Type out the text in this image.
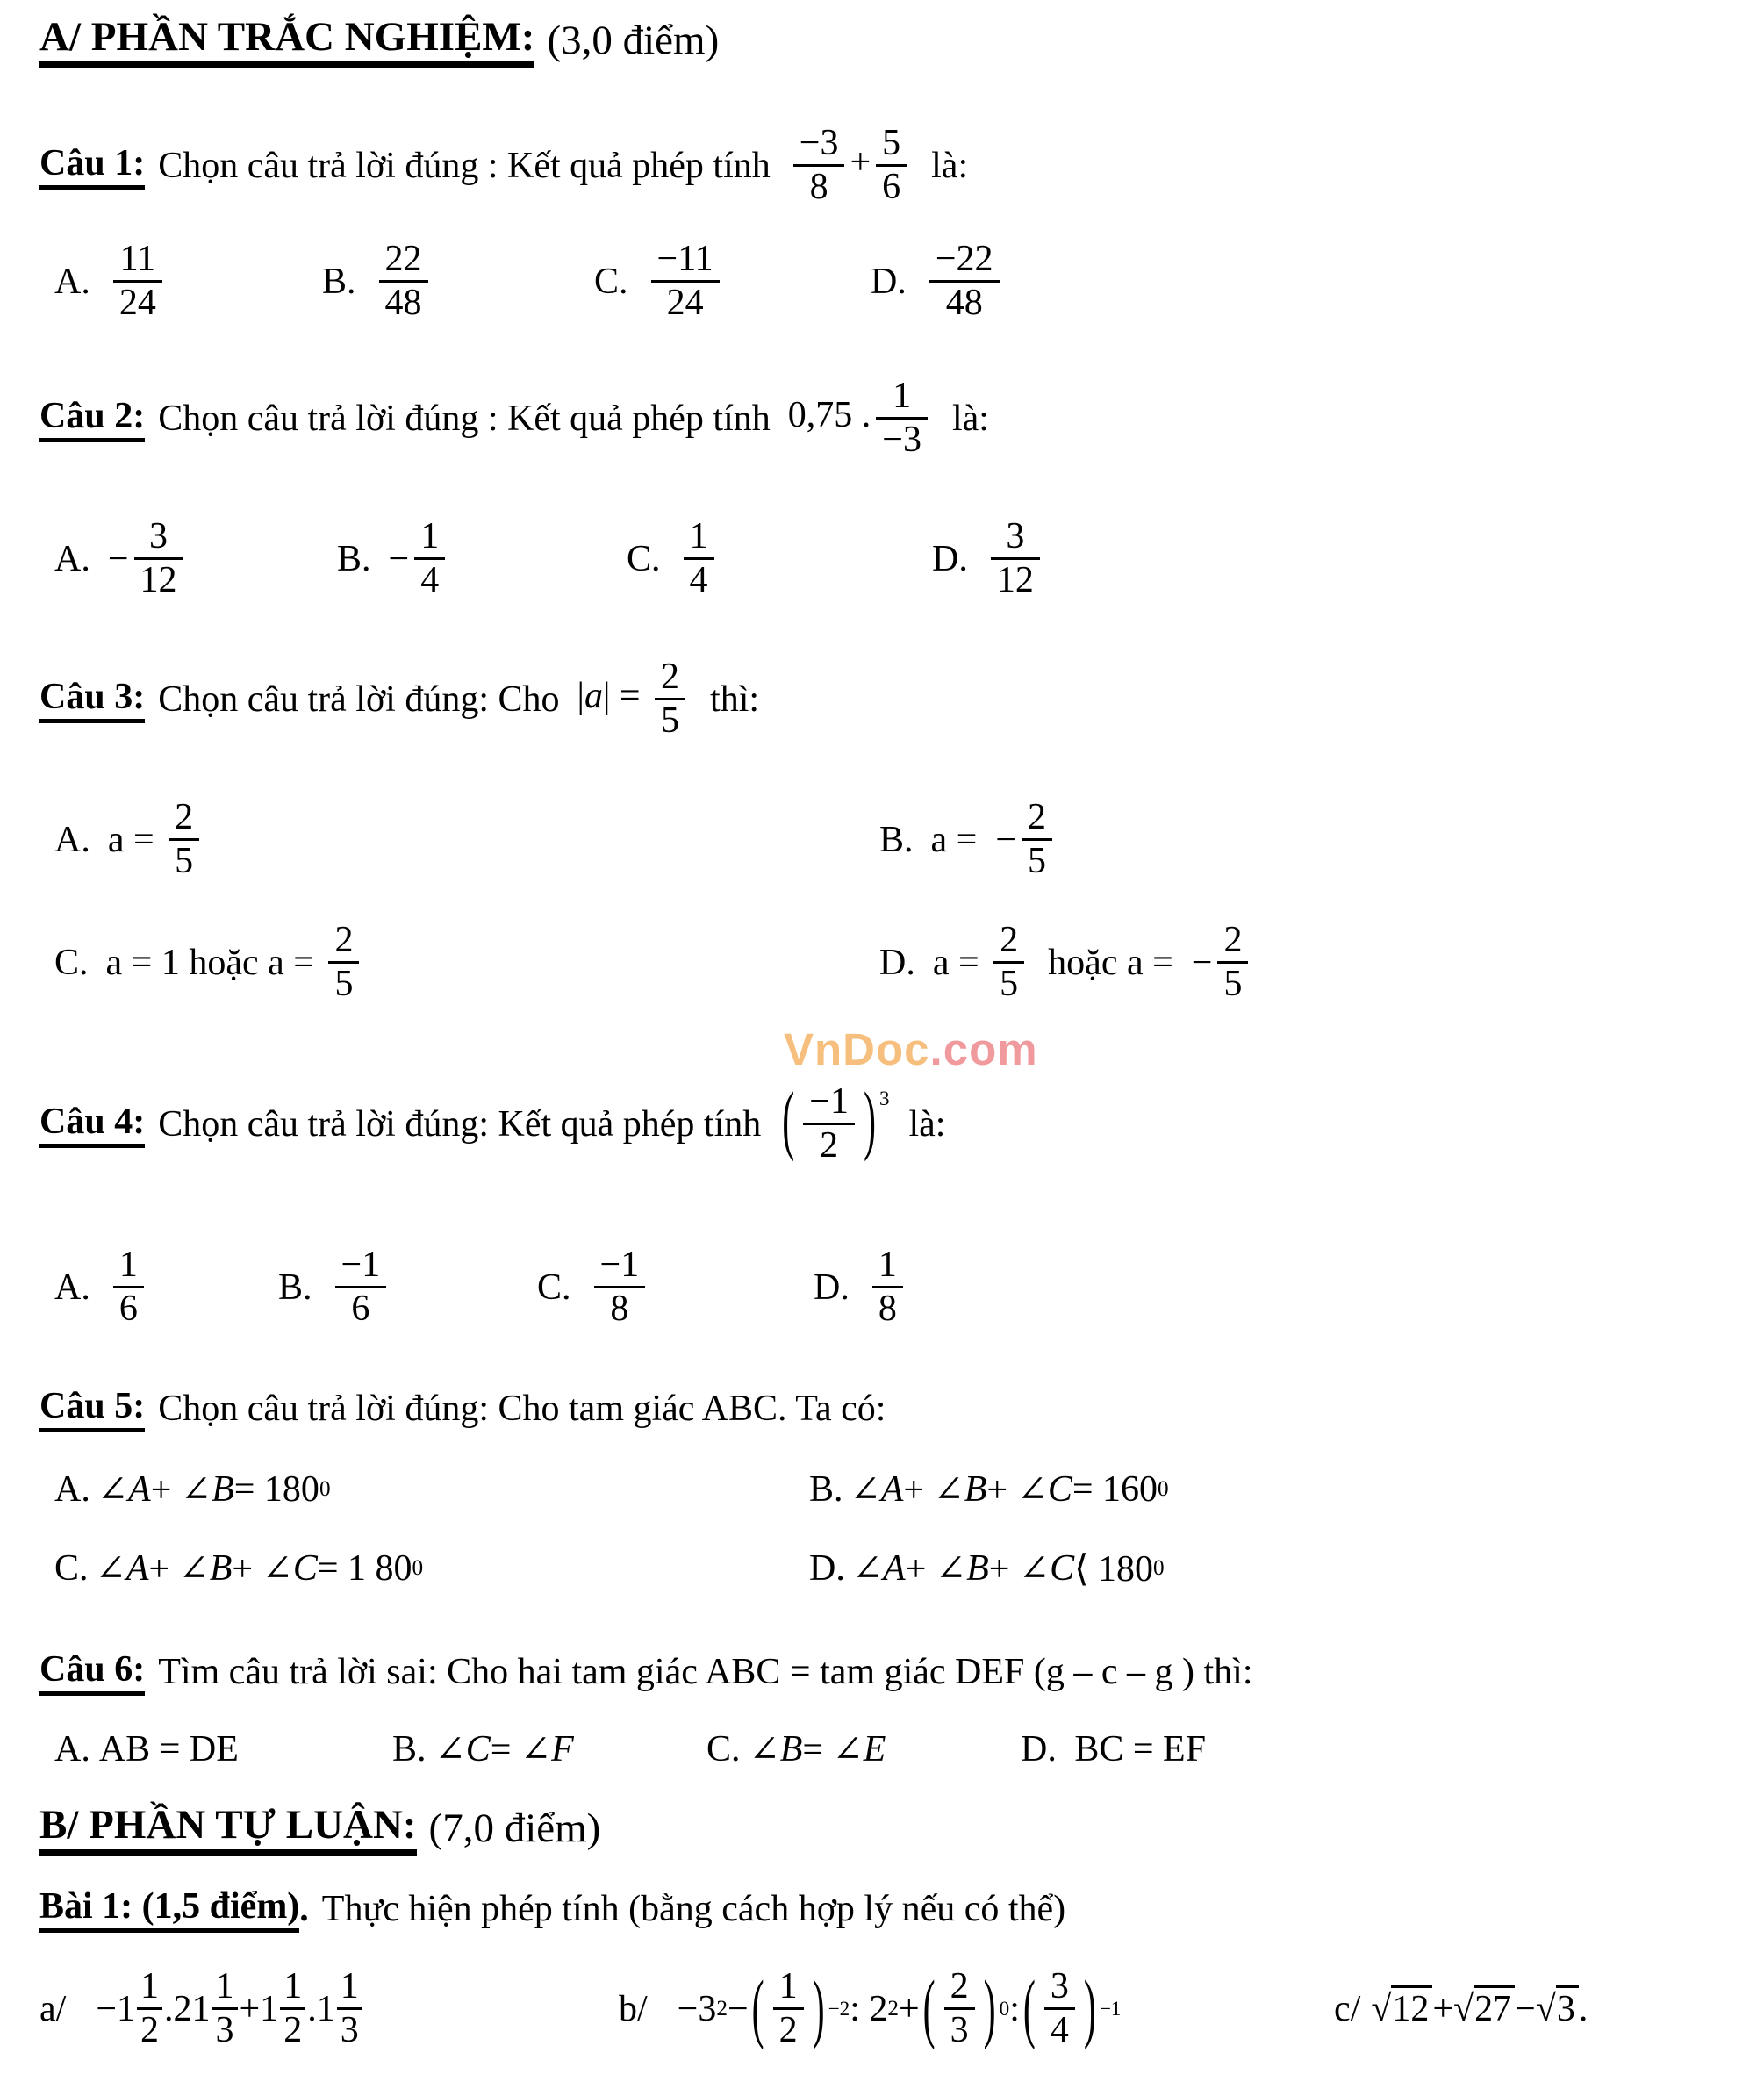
A/ PHẦN TRẮC NGHIỆM: (3,0 điểm)
Câu 1: Chọn câu trả lời đúng : Kết quả phép tính $\frac{-3}{8} + \frac{5}{6}$ là:
A.
11
24
B.
22
48
C.
−11
24
D.
−22
48
Câu 2: Chọn câu trả lời đúng : Kết quả phép tính 0,75 . $\frac{1}{-3}$ là:
A. −
3
12
B. −
1
4
C.
1
4
D.
3
12
Câu 3: Chọn câu trả lời đúng: Cho $|a| = \frac{2}{5}$ thì:
A. a =
2
5
B. a =  −
2
5
C. a = 1 hoặc a =
2
5
D. a =
2
5
hoặc a =  −
2
5
VnDoc.com
Câu 4: Chọn câu trả lời đúng: Kết quả phép tính ( $\frac{-1}{2}$ ) $^3$
là:
A.
1
6
B.
−1
6
C.
−1
8
D.
1
8
Câu 5: Chọn câu trả lời đúng: Cho tam giác ABC. Ta có:
A. ∠ A + ∠ B = 180 0	B. ∠ A + ∠ B + ∠ C = 160 0
C. ∠ A + ∠ B + ∠ C = 1 80 0	D. ∠ A + ∠ B + ∠ C ⟨ 180 0
Câu 6: Tìm câu trả lời sai: Cho hai tam giác ABC = tam giác DEF (g – c – g ) thì:
A. AB = DE	B. ∠ C = ∠ F	C. ∠ B = ∠ E	D. BC = EF
B/ PHẦN TỰ LUẬN: (7,0 điểm)
Bài 1: (1,5 điểm) . Thực hiện phép tính (bằng cách hợp lý nếu có thể)
a/ −1
1
2
.21
1
3
+1
1
2
.1
1
3
b/ −3 2 − ( 1
2 ) −2 : 2 2 + ( 2
3 ) 0 : ( 3
4 ) −1	c/ √12 + √27 − √3 .
